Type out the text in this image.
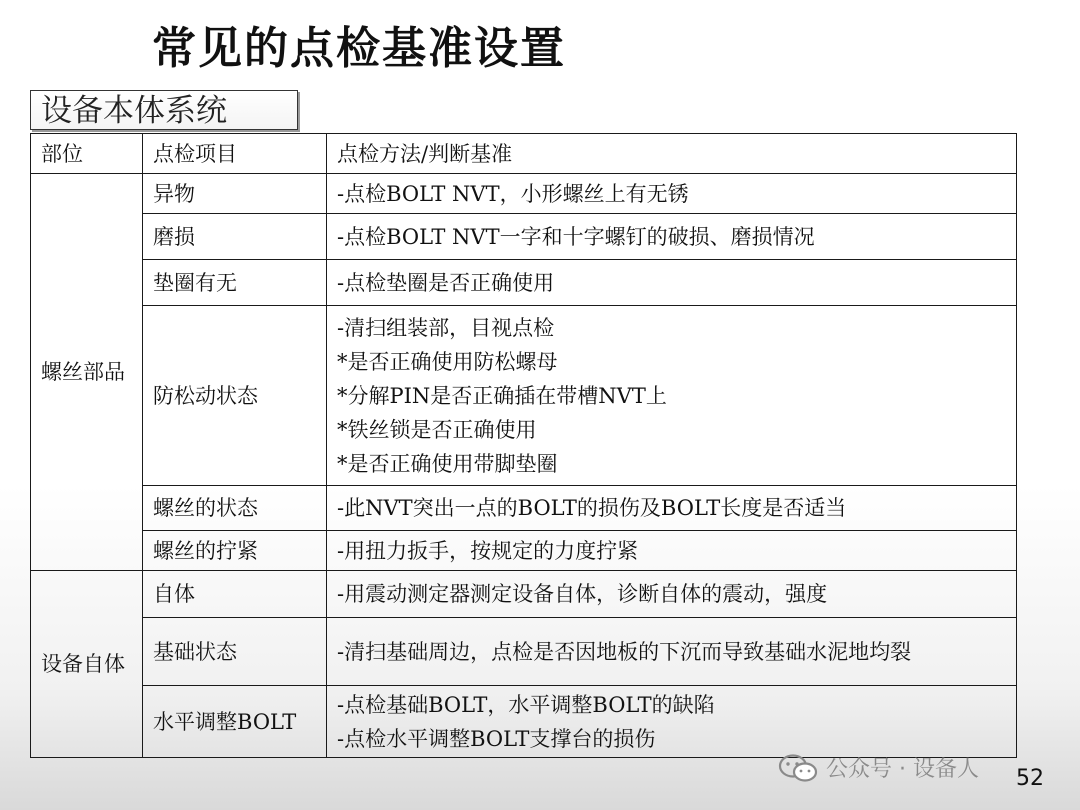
常见的点检基准设置
设备本体系统
部位	点检项目	点检方法/判断基准
螺丝部品	异物	-点检BOLT NVT，小形螺丝上有无锈

	磨损	-点检BOLT NVT一字和十字螺钉的破损、磨损情况

	垫圈有无	-点检垫圈是否正确使用

	防松动状态	-清扫组装部，目视点检
*是否正确使用防松螺母
*分解PIN是否正确插在带槽NVT上
*铁丝锁是否正确使用
*是否正确使用带脚垫圈

	螺丝的状态	-此NVT突出一点的BOLT的损伤及BOLT长度是否适当

	螺丝的拧紧	-用扭力扳手，按规定的力度拧紧

设备自体	自体	-用震动测定器测定设备自体，诊断自体的震动，强度

	基础状态	-清扫基础周边，点检是否因地板的下沉而导致基础水泥地均裂

	水平调整BOLT	-点检基础BOLT，水平调整BOLT的缺陷
-点检水平调整BOLT支撑台的损伤
公众号 · 设备人 52
